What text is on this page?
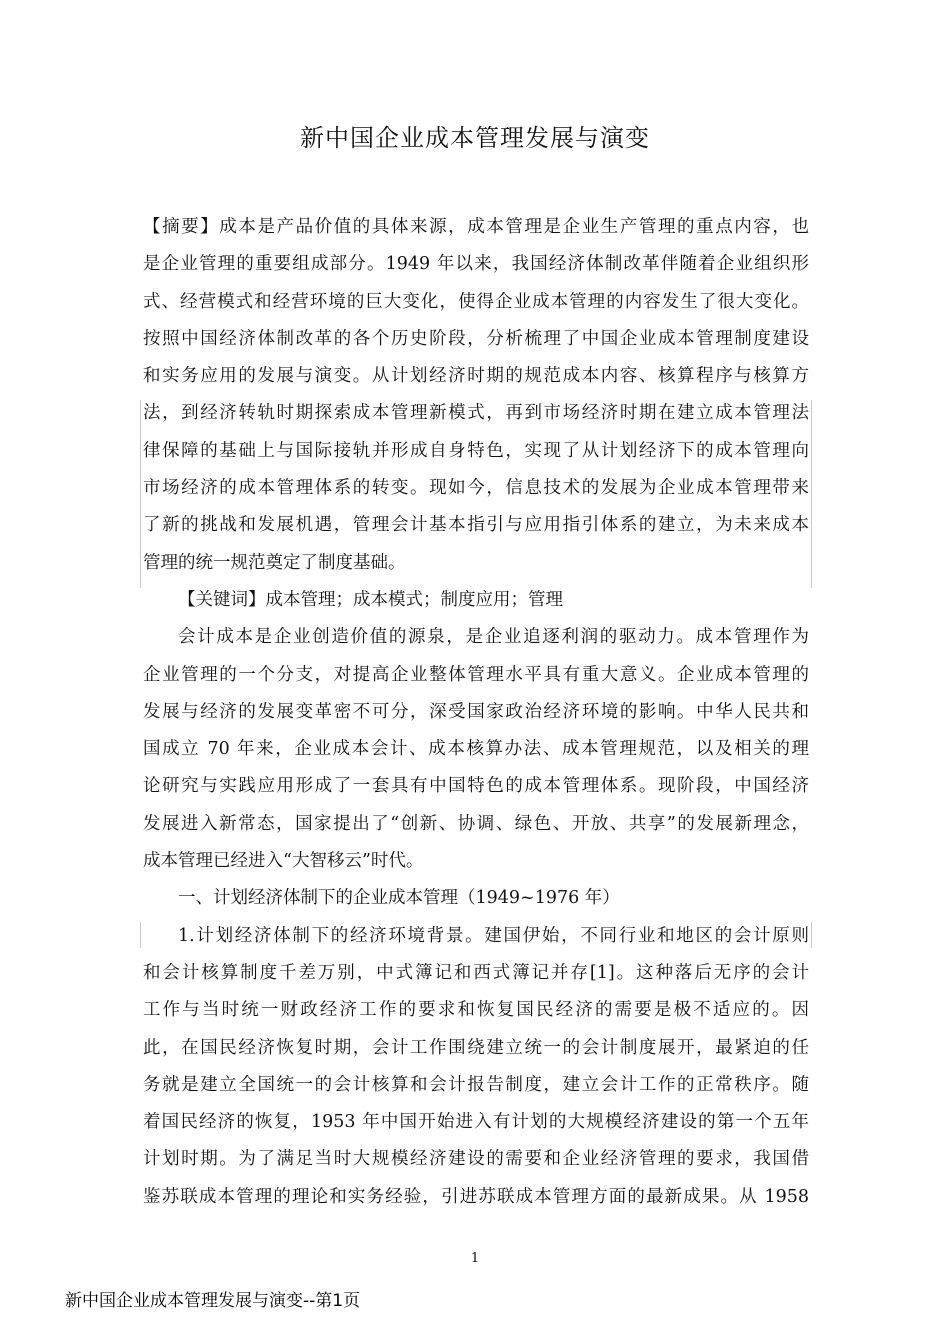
新中国企业成本管理发展与演变
【摘要】成本是产品价值的具体来源，成本管理是企业生产管理的重点内容，也
是企业管理的重要组成部分。1949 年以来，我国经济体制改革伴随着企业组织形
式、经营模式和经营环境的巨大变化，使得企业成本管理的内容发生了很大变化。
按照中国经济体制改革的各个历史阶段，分析梳理了中国企业成本管理制度建设
和实务应用的发展与演变。从计划经济时期的规范成本内容、核算程序与核算方
法，到经济转轨时期探索成本管理新模式，再到市场经济时期在建立成本管理法
律保障的基础上与国际接轨并形成自身特色，实现了从计划经济下的成本管理向
市场经济的成本管理体系的转变。现如今，信息技术的发展为企业成本管理带来
了新的挑战和发展机遇，管理会计基本指引与应用指引体系的建立，为未来成本
管理的统一规范奠定了制度基础。
【关键词】成本管理；成本模式；制度应用；管理
会计成本是企业创造价值的源泉，是企业追逐利润的驱动力。成本管理作为
企业管理的一个分支，对提高企业整体管理水平具有重大意义。企业成本管理的
发展与经济的发展变革密不可分，深受国家政治经济环境的影响。中华人民共和
国成立 70 年来，企业成本会计、成本核算办法、成本管理规范，以及相关的理
论研究与实践应用形成了一套具有中国特色的成本管理体系。现阶段，中国经济
发展进入新常态，国家提出了“创新、协调、绿色、开放、共享”的发展新理念，
成本管理已经进入“大智移云”时代。
一、计划经济体制下的企业成本管理（1949~1976 年）
1.计划经济体制下的经济环境背景。建国伊始，不同行业和地区的会计原则
和会计核算制度千差万别，中式簿记和西式簿记并存[1]。这种落后无序的会计
工作与当时统一财政经济工作的要求和恢复国民经济的需要是极不适应的。因
此，在国民经济恢复时期，会计工作围绕建立统一的会计制度展开，最紧迫的任
务就是建立全国统一的会计核算和会计报告制度，建立会计工作的正常秩序。随
着国民经济的恢复，1953 年中国开始进入有计划的大规模经济建设的第一个五年
计划时期。为了满足当时大规模经济建设的需要和企业经济管理的要求，我国借
鉴苏联成本管理的理论和实务经验，引进苏联成本管理方面的最新成果。从 1958
1
新中国企业成本管理发展与演变--第1页
